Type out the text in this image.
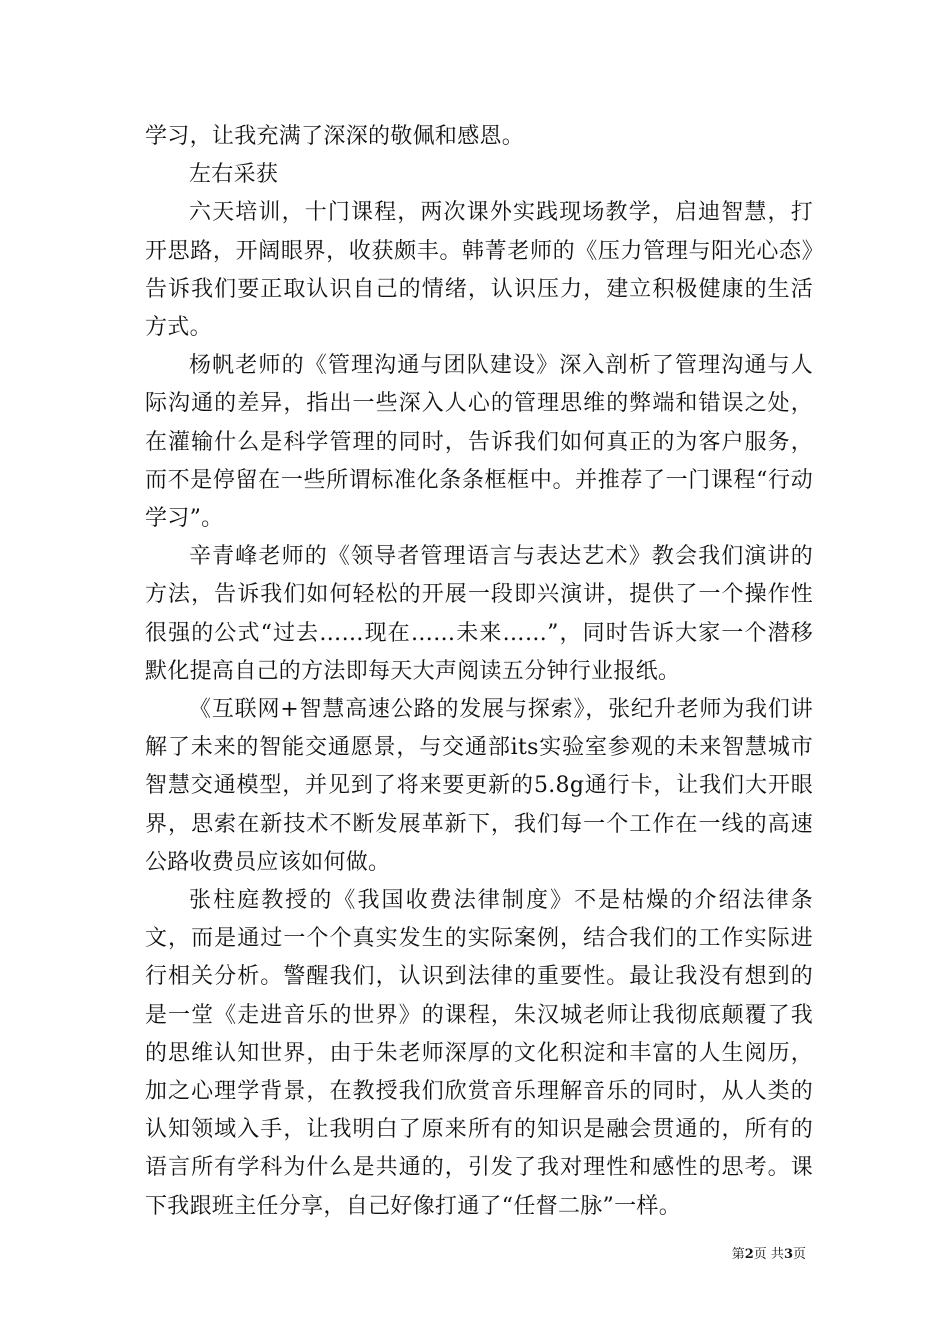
学习，让我充满了深深的敬佩和感恩。

左右采获

六天培训，十门课程，两次课外实践现场教学，启迪智慧，打开思路，开阔眼界，收获颇丰。韩菁老师的《压力管理与阳光心态》告诉我们要正取认识自己的情绪，认识压力，建立积极健康的生活方式。

杨帆老师的《管理沟通与团队建设》深入剖析了管理沟通与人际沟通的差异，指出一些深入人心的管理思维的弊端和错误之处，在灌输什么是科学管理的同时，告诉我们如何真正的为客户服务，而不是停留在一些所谓标准化条条框框中。并推荐了一门课程“行动学习”。

辛青峰老师的《领导者管理语言与表达艺术》教会我们演讲的方法，告诉我们如何轻松的开展一段即兴演讲，提供了一个操作性很强的公式“过去……现在……未来……”，同时告诉大家一个潜移默化提高自己的方法即每天大声阅读五分钟行业报纸。

《互联网+智慧高速公路的发展与探索》，张纪升老师为我们讲解了未来的智能交通愿景，与交通部its实验室参观的未来智慧城市智慧交通模型，并见到了将来要更新的5.8g通行卡，让我们大开眼界，思索在新技术不断发展革新下，我们每一个工作在一线的高速公路收费员应该如何做。

张柱庭教授的《我国收费法律制度》不是枯燥的介绍法律条文，而是通过一个个真实发生的实际案例，结合我们的工作实际进行相关分析。警醒我们，认识到法律的重要性。最让我没有想到的是一堂《走进音乐的世界》的课程，朱汉城老师让我彻底颠覆了我的思维认知世界，由于朱老师深厚的文化积淀和丰富的人生阅历，加之心理学背景，在教授我们欣赏音乐理解音乐的同时，从人类的认知领域入手，让我明白了原来所有的知识是融会贯通的，所有的语言所有学科为什么是共通的，引发了我对理性和感性的思考。课下我跟班主任分享，自己好像打通了“任督二脉”一样。

第2页 共3页
